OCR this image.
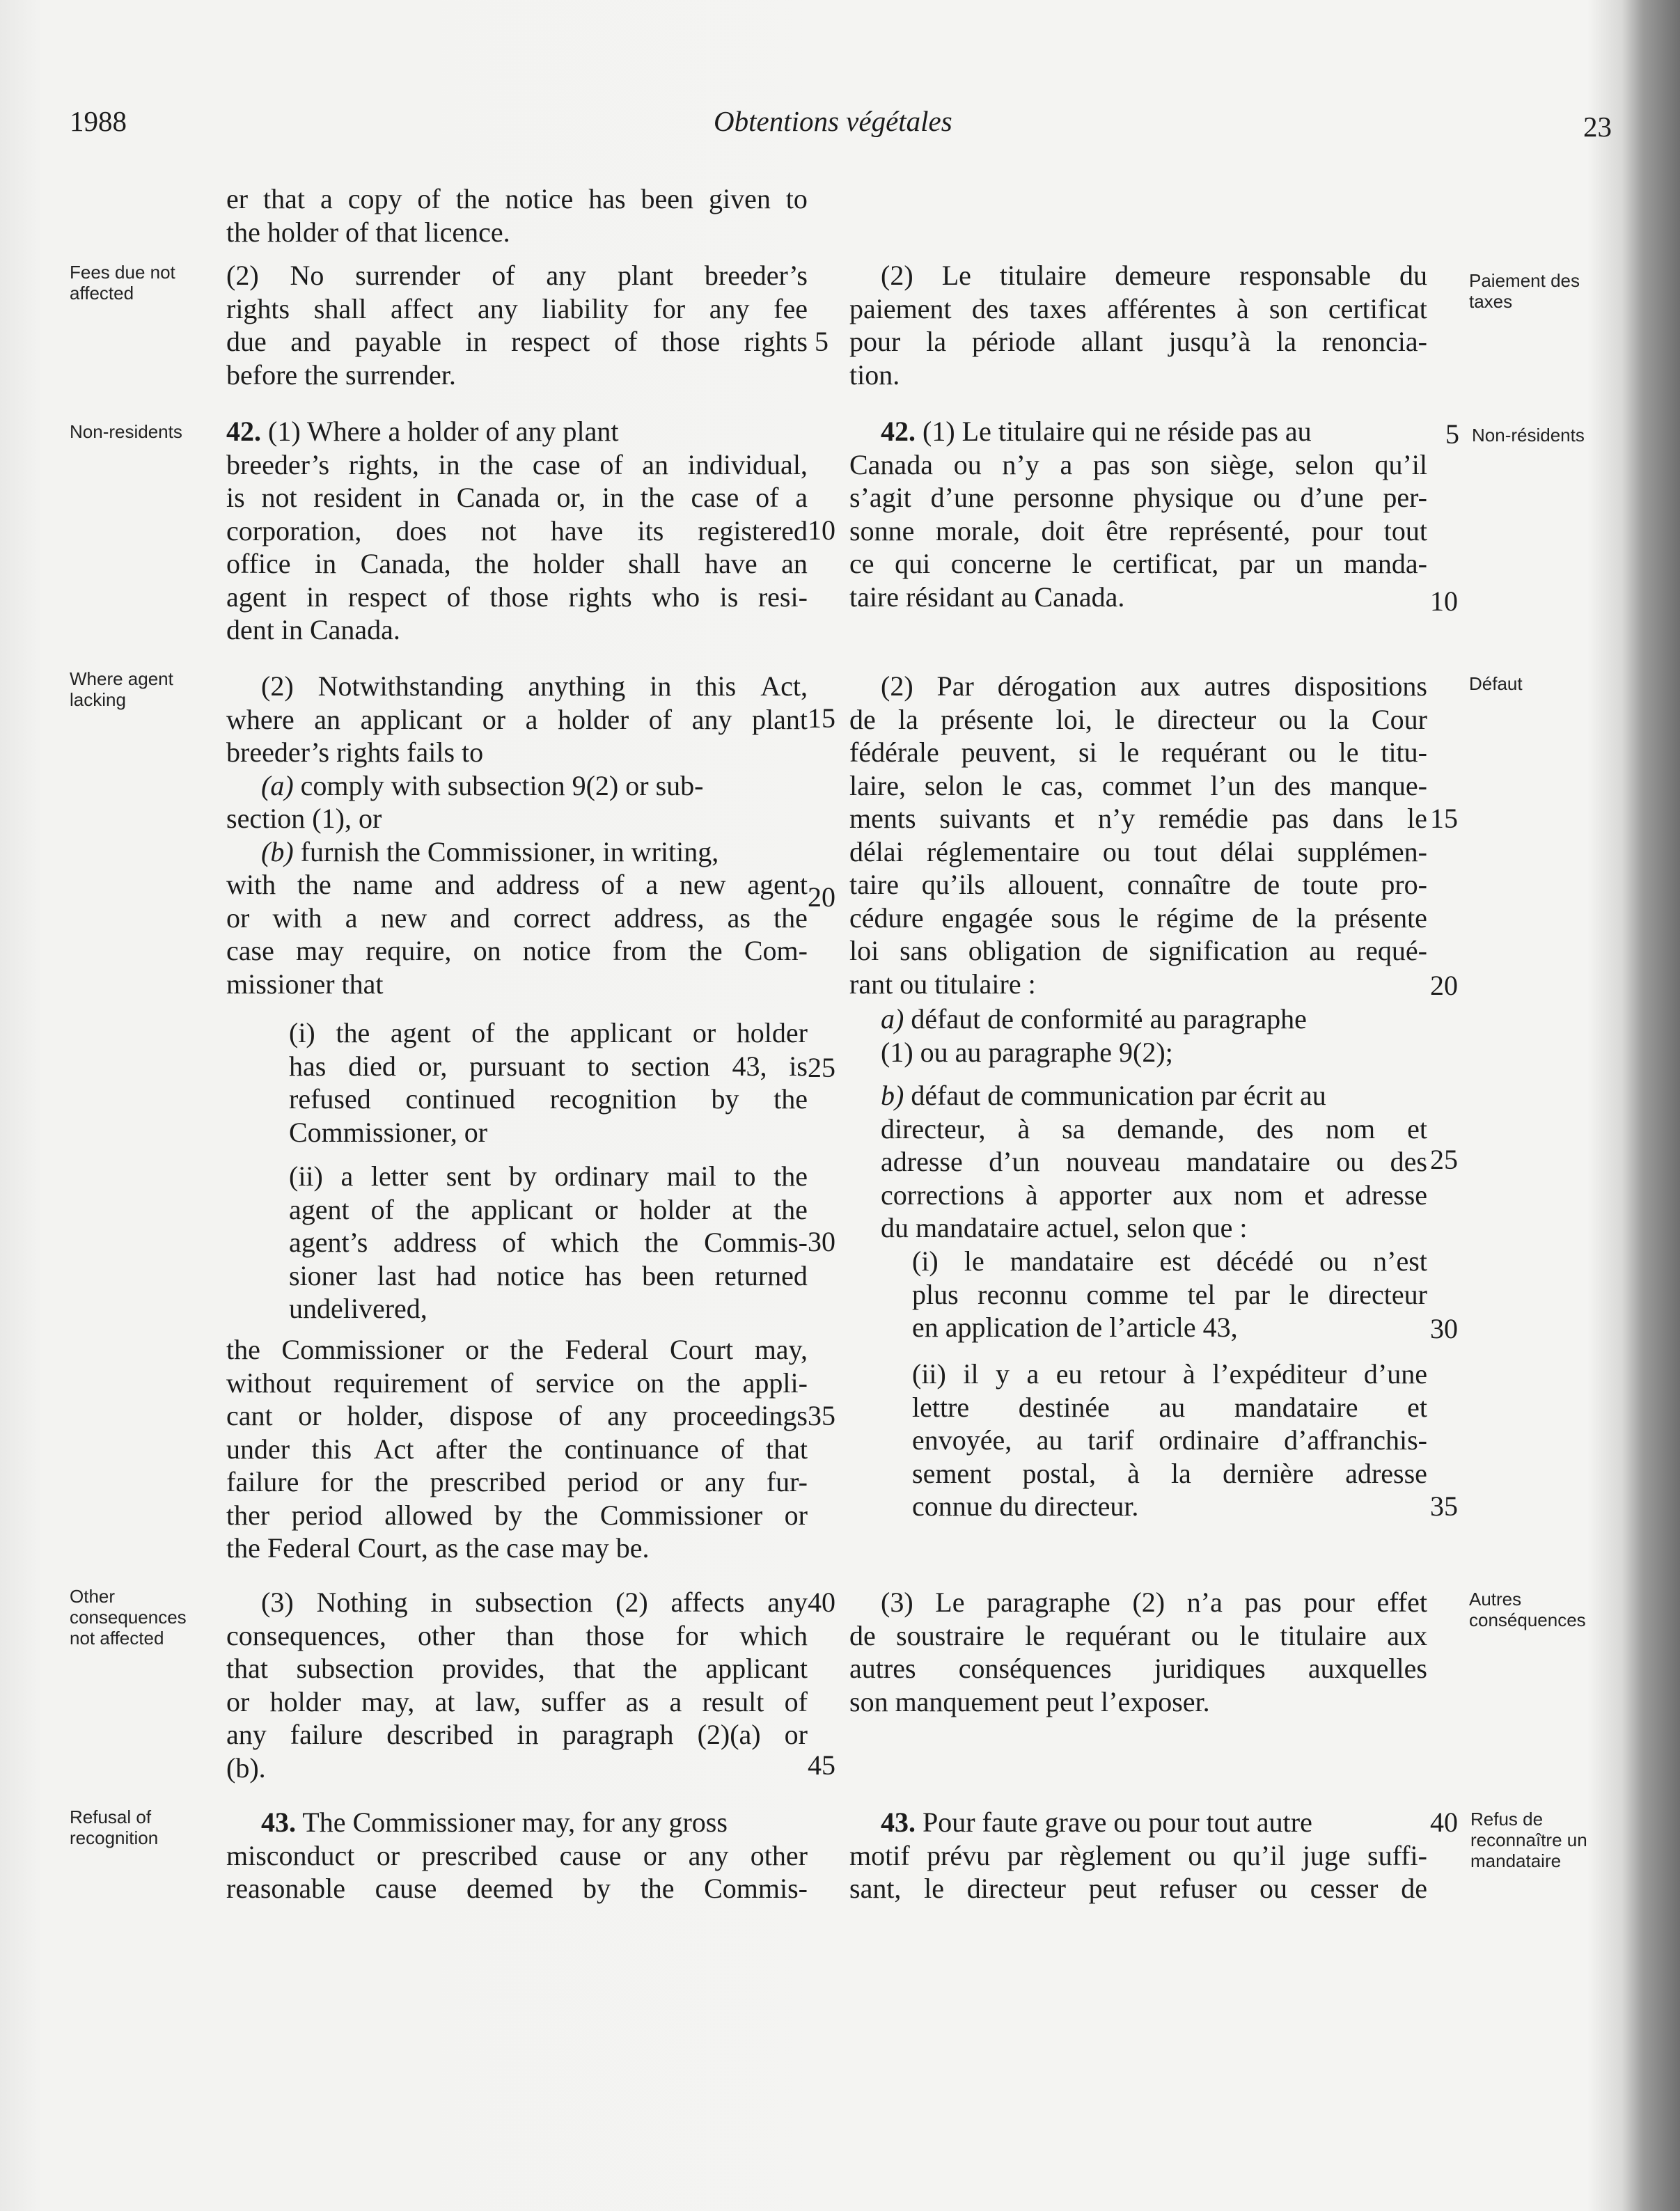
1988	Obtentions végétales	23
Fees due not affected
Non-residents
Where agent lacking
Other consequences not affected
Refusal of recognition
Paiement des taxes
Non-résidents
Défaut
Autres conséquences
Refus de reconnaître un mandataire
er that a copy of the notice has been given to
the holder of that licence.
(2) No surrender of any plant breeder’s
rights shall affect any liability for any fee
due and payable in respect of those rights
before the surrender.
42. (1) Where a holder of any plant
breeder’s rights, in the case of an individual,
is not resident in Canada or, in the case of a
corporation, does not have its registered
office in Canada, the holder shall have an
agent in respect of those rights who is resi-
dent in Canada.
(2) Notwithstanding anything in this Act,
where an applicant or a holder of any plant
breeder’s rights fails to
(a) comply with subsection 9(2) or sub-
section (1), or
(b) furnish the Commissioner, in writing,
with the name and address of a new agent
or with a new and correct address, as the
case may require, on notice from the Com-
missioner that
(i) the agent of the applicant or holder
has died or, pursuant to section 43, is
refused continued recognition by the
Commissioner, or
(ii) a letter sent by ordinary mail to the
agent of the applicant or holder at the
agent’s address of which the Commis-
sioner last had notice has been returned
undelivered,
the Commissioner or the Federal Court may,
without requirement of service on the appli-
cant or holder, dispose of any proceedings
under this Act after the continuance of that
failure for the prescribed period or any fur-
ther period allowed by the Commissioner or
the Federal Court, as the case may be.
(3) Nothing in subsection (2) affects any
consequences, other than those for which
that subsection provides, that the applicant
or holder may, at law, suffer as a result of
any failure described in paragraph (2)(a) or
(b).
43. The Commissioner may, for any gross
misconduct or prescribed cause or any other
reasonable cause deemed by the Commis-
5
10
15
20
25
30
35
40
45
(2) Le titulaire demeure responsable du
paiement des taxes afférentes à son certificat
pour la période allant jusqu’à la renoncia-
tion.
42. (1) Le titulaire qui ne réside pas au
Canada ou n’y a pas son siège, selon qu’il
s’agit d’une personne physique ou d’une per-
sonne morale, doit être représenté, pour tout
ce qui concerne le certificat, par un manda-
taire résidant au Canada.
(2) Par dérogation aux autres dispositions
de la présente loi, le directeur ou la Cour
fédérale peuvent, si le requérant ou le titu-
laire, selon le cas, commet l’un des manque-
ments suivants et n’y remédie pas dans le
délai réglementaire ou tout délai supplémen-
taire qu’ils allouent, connaître de toute pro-
cédure engagée sous le régime de la présente
loi sans obligation de signification au requé-
rant ou titulaire :
a) défaut de conformité au paragraphe
(1) ou au paragraphe 9(2);
b) défaut de communication par écrit au
directeur, à sa demande, des nom et
adresse d’un nouveau mandataire ou des
corrections à apporter aux nom et adresse
du mandataire actuel, selon que :
(i) le mandataire est décédé ou n’est
plus reconnu comme tel par le directeur
en application de l’article 43,
(ii) il y a eu retour à l’expéditeur d’une
lettre destinée au mandataire et
envoyée, au tarif ordinaire d’affranchis-
sement postal, à la dernière adresse
connue du directeur.
(3) Le paragraphe (2) n’a pas pour effet
de soustraire le requérant ou le titulaire aux
autres conséquences juridiques auxquelles
son manquement peut l’exposer.
43. Pour faute grave ou pour tout autre
motif prévu par règlement ou qu’il juge suffi-
sant, le directeur peut refuser ou cesser de
5
10
15
20
25
30
35
40
